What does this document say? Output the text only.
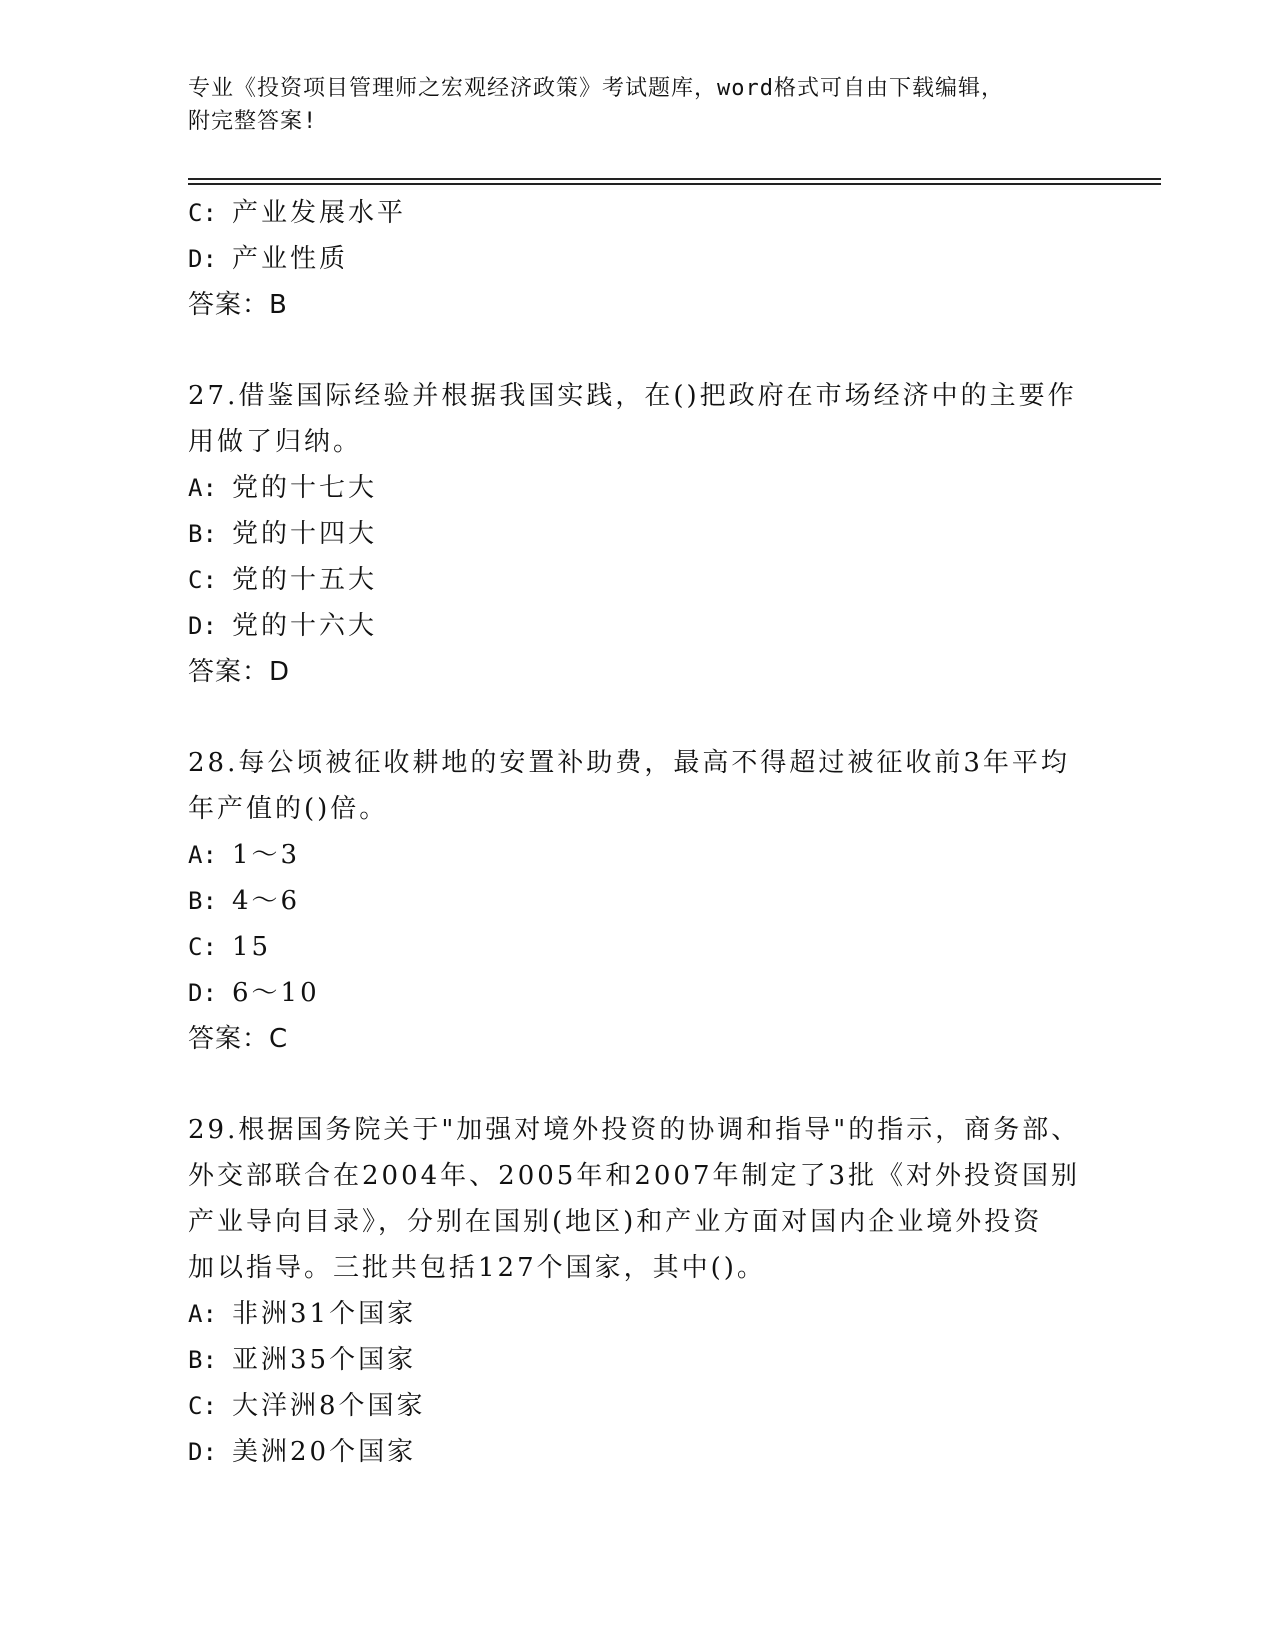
专业《投资项目管理师之宏观经济政策》考试题库，word格式可自由下载编辑，
附完整答案!
C: 产业发展水平
D: 产业性质
答案：B
27.借鉴国际经验并根据我国实践，在()把政府在市场经济中的主要作
用做了归纳。
A: 党的十七大
B: 党的十四大
C: 党的十五大
D: 党的十六大
答案：D
28.每公顷被征收耕地的安置补助费，最高不得超过被征收前3年平均
年产值的()倍。
A: 1～3
B: 4～6
C: 15
D: 6～10
答案：C
29.根据国务院关于"加强对境外投资的协调和指导"的指示，商务部、
外交部联合在2004年、2005年和2007年制定了3批《对外投资国别
产业导向目录》，分别在国别(地区)和产业方面对国内企业境外投资
加以指导。三批共包括127个国家，其中()。
A: 非洲31个国家
B: 亚洲35个国家
C: 大洋洲8个国家
D: 美洲20个国家
